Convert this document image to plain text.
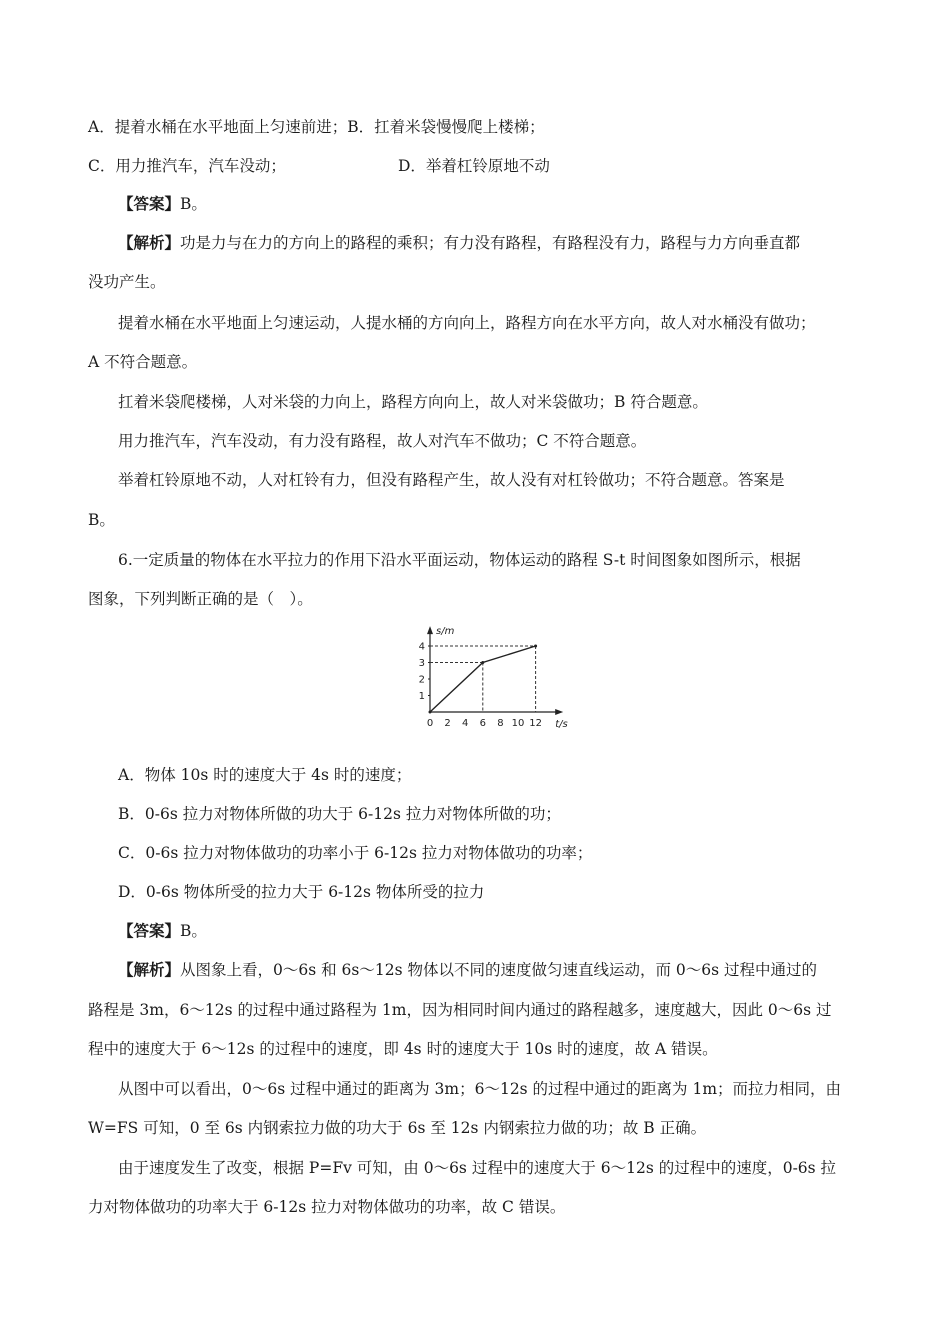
A．提着水桶在水平地面上匀速前进；B．扛着米袋慢慢爬上楼梯；
C．用力推汽车，汽车没动；	D．举着杠铃原地不动
【答案】B。
【解析】功是力与在力的方向上的路程的乘积；有力没有路程，有路程没有力，路程与力方向垂直都
没功产生。
提着水桶在水平地面上匀速运动，人提水桶的方向向上，路程方向在水平方向，故人对水桶没有做功；
A 不符合题意。
扛着米袋爬楼梯，人对米袋的力向上，路程方向向上，故人对米袋做功；B 符合题意。
用力推汽车，汽车没动，有力没有路程，故人对汽车不做功；C 不符合题意。
举着杠铃原地不动，人对杠铃有力，但没有路程产生，故人没有对杠铃做功；不符合题意。答案是
B。
6.一定质量的物体在水平拉力的作用下沿水平面运动，物体运动的路程 S-t 时间图象如图所示，根据
图象，下列判断正确的是（　）。
s/m
t/s
0 2 4 6 8 10 12
1
2
3
4
A．物体 10s 时的速度大于 4s 时的速度；
B．0-6s 拉力对物体所做的功大于 6-12s 拉力对物体所做的功；
C．0-6s 拉力对物体做功的功率小于 6-12s 拉力对物体做功的功率；
D．0-6s 物体所受的拉力大于 6-12s 物体所受的拉力
【答案】B。
【解析】从图象上看，0～6s 和 6s～12s 物体以不同的速度做匀速直线运动，而 0～6s 过程中通过的
路程是 3m，6～12s 的过程中通过路程为 1m，因为相同时间内通过的路程越多，速度越大，因此 0～6s 过
程中的速度大于 6～12s 的过程中的速度，即 4s 时的速度大于 10s 时的速度，故 A 错误。
从图中可以看出，0～6s 过程中通过的距离为 3m；6～12s 的过程中通过的距离为 1m；而拉力相同，由
W=FS 可知，0 至 6s 内钢索拉力做的功大于 6s 至 12s 内钢索拉力做的功；故 B 正确。
由于速度发生了改变，根据 P=Fv 可知，由 0～6s 过程中的速度大于 6～12s 的过程中的速度，0-6s 拉
力对物体做功的功率大于 6-12s 拉力对物体做功的功率，故 C 错误。
